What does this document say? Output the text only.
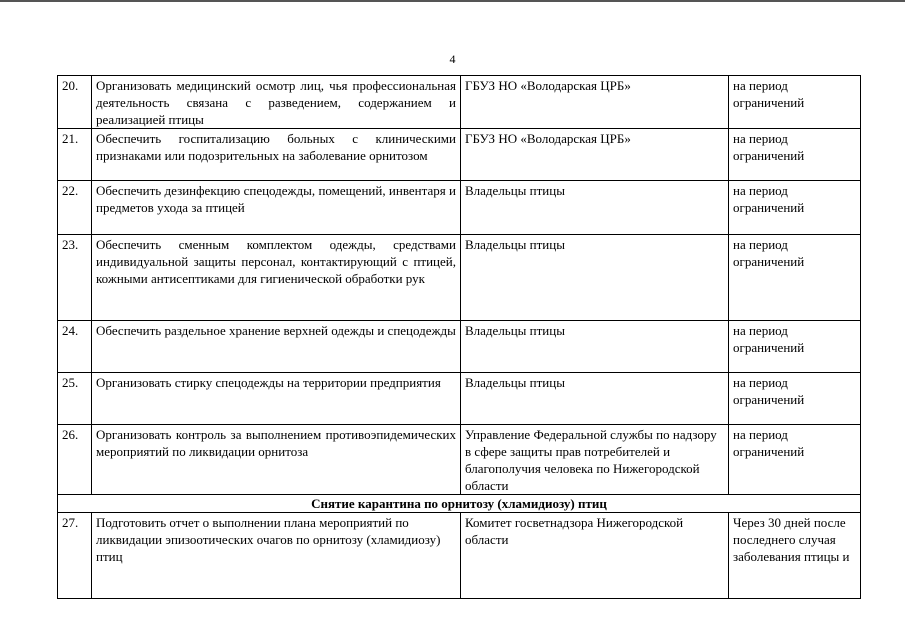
4
20.	Организовать медицинский осмотр лиц, чья профессиональная деятельность связана с разведением, содержанием и реализацией птицы	ГБУЗ НО «Володарская ЦРБ»	на период ограничений
21.	Обеспечить госпитализацию больных с клиническими признаками или подозрительных на заболевание орнитозом	ГБУЗ НО «Володарская ЦРБ»	на период ограничений
22.	Обеспечить дезинфекцию спецодежды, помещений, инвентаря и предметов ухода за птицей	Владельцы птицы	на период ограничений
23.	Обеспечить сменным комплектом одежды, средствами индивидуальной защиты персонал, контактирующий с птицей, кожными антисептиками для гигиенической обработки рук	Владельцы птицы	на период ограничений
24.	Обеспечить раздельное хранение верхней одежды и спецодежды	Владельцы птицы	на период ограничений
25.	Организовать стирку спецодежды на территории предприятия	Владельцы птицы	на период ограничений
26.	Организовать контроль за выполнением противоэпидемических мероприятий по ликвидации орнитоза	Управление Федеральной службы по надзору в сфере защиты прав потребителей и благополучия человека по Нижегородской области	на период ограничений
Снятие карантина по орнитозу (хламидиозу) птиц			
27.	Подготовить отчет о выполнении плана мероприятий по ликвидации эпизоотических очагов по орнитозу (хламидиозу) птиц	Комитет госветнадзора Нижегородской области	Через 30 дней после последнего случая заболевания птицы и
